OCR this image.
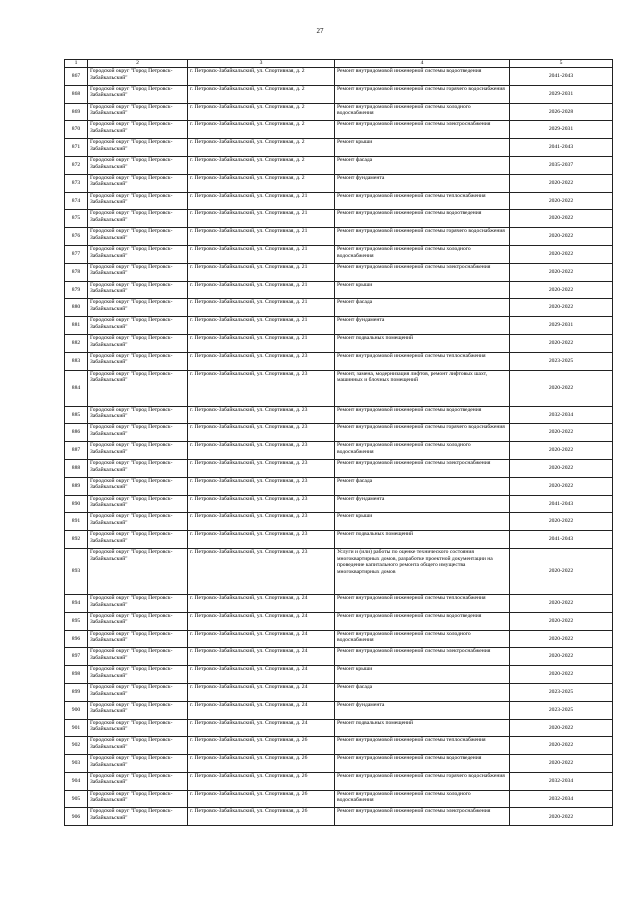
27
1	2	3	4	5
867	Городской округ "Город Петровск-Забайкальский"	г. Петровск-Забайкальский, ул. Спортивная, д. 2	Ремонт внутридомовой инженерной системы водоотведения	2041-2043
868	Городской округ "Город Петровск-Забайкальский"	г. Петровск-Забайкальский, ул. Спортивная, д. 2	Ремонт внутридомовой инженерной системы горячего водоснабжения	2029-2031
869	Городской округ "Город Петровск-Забайкальский"	г. Петровск-Забайкальский, ул. Спортивная, д. 2	Ремонт внутридомовой инженерной системы холодного водоснабжения	2026-2028
870	Городской округ "Город Петровск-Забайкальский"	г. Петровск-Забайкальский, ул. Спортивная, д. 2	Ремонт внутридомовой инженерной системы электроснабжения	2029-2031
871	Городской округ "Город Петровск-Забайкальский"	г. Петровск-Забайкальский, ул. Спортивная, д. 2	Ремонт крыши	2041-2043
872	Городской округ "Город Петровск-Забайкальский"	г. Петровск-Забайкальский, ул. Спортивная, д. 2	Ремонт фасада	2035-2037
873	Городской округ "Город Петровск-Забайкальский"	г. Петровск-Забайкальский, ул. Спортивная, д. 2	Ремонт фундамента	2020-2022
874	Городской округ "Город Петровск-Забайкальский"	г. Петровск-Забайкальский, ул. Спортивная, д. 21	Ремонт внутридомовой инженерной системы теплоснабжения	2020-2022
875	Городской округ "Город Петровск-Забайкальский"	г. Петровск-Забайкальский, ул. Спортивная, д. 21	Ремонт внутридомовой инженерной системы водоотведения	2020-2022
876	Городской округ "Город Петровск-Забайкальский"	г. Петровск-Забайкальский, ул. Спортивная, д. 21	Ремонт внутридомовой инженерной системы горячего водоснабжения	2020-2022
877	Городской округ "Город Петровск-Забайкальский"	г. Петровск-Забайкальский, ул. Спортивная, д. 21	Ремонт внутридомовой инженерной системы холодного водоснабжения	2020-2022
878	Городской округ "Город Петровск-Забайкальский"	г. Петровск-Забайкальский, ул. Спортивная, д. 21	Ремонт внутридомовой инженерной системы электроснабжения	2020-2022
879	Городской округ "Город Петровск-Забайкальский"	г. Петровск-Забайкальский, ул. Спортивная, д. 21	Ремонт крыши	2020-2022
880	Городской округ "Город Петровск-Забайкальский"	г. Петровск-Забайкальский, ул. Спортивная, д. 21	Ремонт фасада	2020-2022
881	Городской округ "Город Петровск-Забайкальский"	г. Петровск-Забайкальский, ул. Спортивная, д. 21	Ремонт фундамента	2029-2031
882	Городской округ "Город Петровск-Забайкальский"	г. Петровск-Забайкальский, ул. Спортивная, д. 21	Ремонт подвальных помещений	2020-2022
883	Городской округ "Город Петровск-Забайкальский"	г. Петровск-Забайкальский, ул. Спортивная, д. 23	Ремонт внутридомовой инженерной системы теплоснабжения	2023-2025
884	Городской округ "Город Петровск-Забайкальский"	г. Петровск-Забайкальский, ул. Спортивная, д. 23	Ремонт, замена, модернизация лифтов, ремонт лифтовых шахт, машинных и блочных помещений	2020-2022
885	Городской округ "Город Петровск-Забайкальский"	г. Петровск-Забайкальский, ул. Спортивная, д. 23	Ремонт внутридомовой инженерной системы водоотведения	2032-2034
886	Городской округ "Город Петровск-Забайкальский"	г. Петровск-Забайкальский, ул. Спортивная, д. 23	Ремонт внутридомовой инженерной системы горячего водоснабжения	2020-2022
887	Городской округ "Город Петровск-Забайкальский"	г. Петровск-Забайкальский, ул. Спортивная, д. 23	Ремонт внутридомовой инженерной системы холодного водоснабжения	2020-2022
888	Городской округ "Город Петровск-Забайкальский"	г. Петровск-Забайкальский, ул. Спортивная, д. 23	Ремонт внутридомовой инженерной системы электроснабжения	2020-2022
889	Городской округ "Город Петровск-Забайкальский"	г. Петровск-Забайкальский, ул. Спортивная, д. 23	Ремонт фасада	2020-2022
890	Городской округ "Город Петровск-Забайкальский"	г. Петровск-Забайкальский, ул. Спортивная, д. 23	Ремонт фундамента	2041-2043
891	Городской округ "Город Петровск-Забайкальский"	г. Петровск-Забайкальский, ул. Спортивная, д. 23	Ремонт крыши	2020-2022
892	Городской округ "Город Петровск-Забайкальский"	г. Петровск-Забайкальский, ул. Спортивная, д. 23	Ремонт подвальных помещений	2041-2043
893	Городской округ "Город Петровск-Забайкальский"	г. Петровск-Забайкальский, ул. Спортивная, д. 23	Услуги и (или) работы по оценке технического состояния многоквартирных домов, разработке проектной документации на проведение капитального ремонта общего имущества многоквартирных домов	2020-2022
894	Городской округ "Город Петровск-Забайкальский"	г. Петровск-Забайкальский, ул. Спортивная, д. 24	Ремонт внутридомовой инженерной системы теплоснабжения	2020-2022
895	Городской округ "Город Петровск-Забайкальский"	г. Петровск-Забайкальский, ул. Спортивная, д. 24	Ремонт внутридомовой инженерной системы водоотведения	2020-2022
896	Городской округ "Город Петровск-Забайкальский"	г. Петровск-Забайкальский, ул. Спортивная, д. 24	Ремонт внутридомовой инженерной системы холодного водоснабжения	2020-2022
897	Городской округ "Город Петровск-Забайкальский"	г. Петровск-Забайкальский, ул. Спортивная, д. 24	Ремонт внутридомовой инженерной системы электроснабжения	2020-2022
898	Городской округ "Город Петровск-Забайкальский"	г. Петровск-Забайкальский, ул. Спортивная, д. 24	Ремонт крыши	2020-2022
899	Городской округ "Город Петровск-Забайкальский"	г. Петровск-Забайкальский, ул. Спортивная, д. 24	Ремонт фасада	2023-2025
900	Городской округ "Город Петровск-Забайкальский"	г. Петровск-Забайкальский, ул. Спортивная, д. 24	Ремонт фундамента	2023-2025
901	Городской округ "Город Петровск-Забайкальский"	г. Петровск-Забайкальский, ул. Спортивная, д. 24	Ремонт подвальных помещений	2020-2022
902	Городской округ "Город Петровск-Забайкальский"	г. Петровск-Забайкальский, ул. Спортивная, д. 26	Ремонт внутридомовой инженерной системы теплоснабжения	2020-2022
903	Городской округ "Город Петровск-Забайкальский"	г. Петровск-Забайкальский, ул. Спортивная, д. 26	Ремонт внутридомовой инженерной системы водоотведения	2020-2022
904	Городской округ "Город Петровск-Забайкальский"	г. Петровск-Забайкальский, ул. Спортивная, д. 26	Ремонт внутридомовой инженерной системы горячего водоснабжения	2032-2034
905	Городской округ "Город Петровск-Забайкальский"	г. Петровск-Забайкальский, ул. Спортивная, д. 26	Ремонт внутридомовой инженерной системы холодного водоснабжения	2032-2034
906	Городской округ "Город Петровск-Забайкальский"	г. Петровск-Забайкальский, ул. Спортивная, д. 26	Ремонт внутридомовой инженерной системы электроснабжения	2020-2022
